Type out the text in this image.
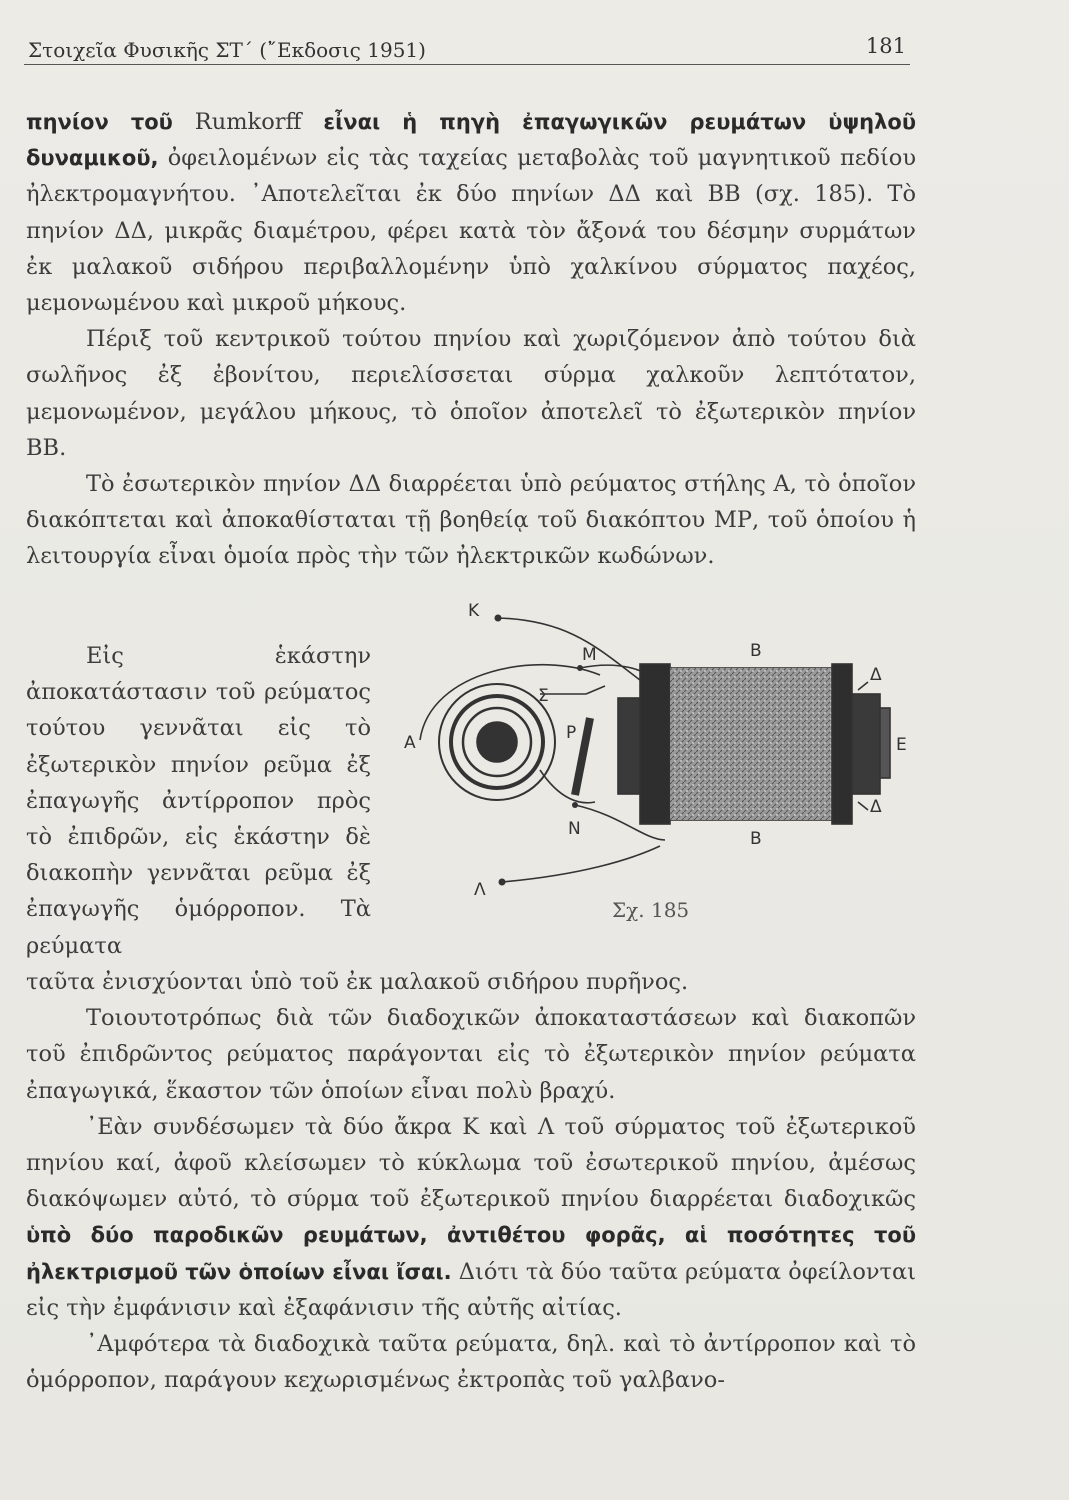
Στοιχεῖα Φυσικῆς ΣΤ΄ (῎Εκδοσις 1951)	181

πηνίον τοῦ Rumkorff εἶναι ἡ πηγὴ ἐπαγωγικῶν ρευμάτων ὑψηλοῦ δυναμικοῦ, ὀφειλομένων εἰς τὰς ταχείας μεταβολὰς τοῦ μαγνητικοῦ πεδίου ἠλεκτρομαγνήτου. ᾿Αποτελεῖται ἐκ δύο πηνίων ΔΔ καὶ ΒΒ (σχ. 185). Τὸ πηνίον ΔΔ, μικρᾶς διαμέτρου, φέρει κατὰ τὸν ἄξονά του δέσμην συρμάτων ἐκ μαλακοῦ σιδήρου περιβαλλομένην ὑπὸ χαλκίνου σύρματος παχέος, μεμονωμένου καὶ μικροῦ μήκους.

Πέριξ τοῦ κεντρικοῦ τούτου πηνίου καὶ χωριζόμενον ἀπὸ τούτου διὰ σωλῆνος ἐξ ἐβονίτου, περιελίσσεται σύρμα χαλκοῦν λεπτότατον, μεμονωμένον, μεγάλου μήκους, τὸ ὁποῖον ἀποτελεῖ τὸ ἐξωτερικὸν πηνίον ΒΒ.

Τὸ ἐσωτερικὸν πηνίον ΔΔ διαρρέεται ὑπὸ ρεύματος στήλης Α, τὸ ὁποῖον διακόπτεται καὶ ἀποκαθίσταται τῇ βοηθείᾳ τοῦ διακόπτου ΜΡ, τοῦ ὁποίου ἡ λειτουργία εἶναι ὁμοία πρὸς τὴν τῶν ἠλεκτρικῶν κωδώνων.

Εἰς ἑκάστην ἀποκατάστασιν τοῦ ρεύματος τούτου γεννᾶται εἰς τὸ ἐξωτερικὸν πηνίον ρεῦμα ἐξ ἐπαγωγῆς ἀντίρροπον πρὸς τὸ ἐπιδρῶν, εἰς ἑκάστην δὲ διακοπὴν γεννᾶται ρεῦμα ἐξ ἐπαγωγῆς ὁμόρροπον. Τὰ ρεύματα

Κ
Λ
Μ
Ν
Α	Ρ
Σ
Β
Β
Δ
Δ
Ε
Σχ. 185

ταῦτα ἐνισχύονται ὑπὸ τοῦ ἐκ μαλακοῦ σιδήρου πυρῆνος.

Τοιουτοτρόπως διὰ τῶν διαδοχικῶν ἀποκαταστάσεων καὶ διακοπῶν τοῦ ἐπιδρῶντος ρεύματος παράγονται εἰς τὸ ἐξωτερικὸν πηνίον ρεύματα ἐπαγωγικά, ἕκαστον τῶν ὁποίων εἶναι πολὺ βραχύ.

᾿Εὰν συνδέσωμεν τὰ δύο ἄκρα Κ καὶ Λ τοῦ σύρματος τοῦ ἐξωτερικοῦ πηνίου καί, ἀφοῦ κλείσωμεν τὸ κύκλωμα τοῦ ἐσωτερικοῦ πηνίου, ἀμέσως διακόψωμεν αὐτό, τὸ σύρμα τοῦ ἐξωτερικοῦ πηνίου διαρρέεται διαδοχικῶς ὑπὸ δύο παροδικῶν ρευμάτων, ἀντιθέτου φορᾶς, αἱ ποσότητες τοῦ ἠλεκτρισμοῦ τῶν ὁποίων εἶναι ἴσαι. Διότι τὰ δύο ταῦτα ρεύματα ὀφείλονται εἰς τὴν ἐμφάνισιν καὶ ἐξαφάνισιν τῆς αὐτῆς αἰτίας.

᾿Αμφότερα τὰ διαδοχικὰ ταῦτα ρεύματα, δηλ. καὶ τὸ ἀντίρροπον καὶ τὸ ὁμόρροπον, παράγουν κεχωρισμένως ἐκτροπὰς τοῦ γαλβανο-
